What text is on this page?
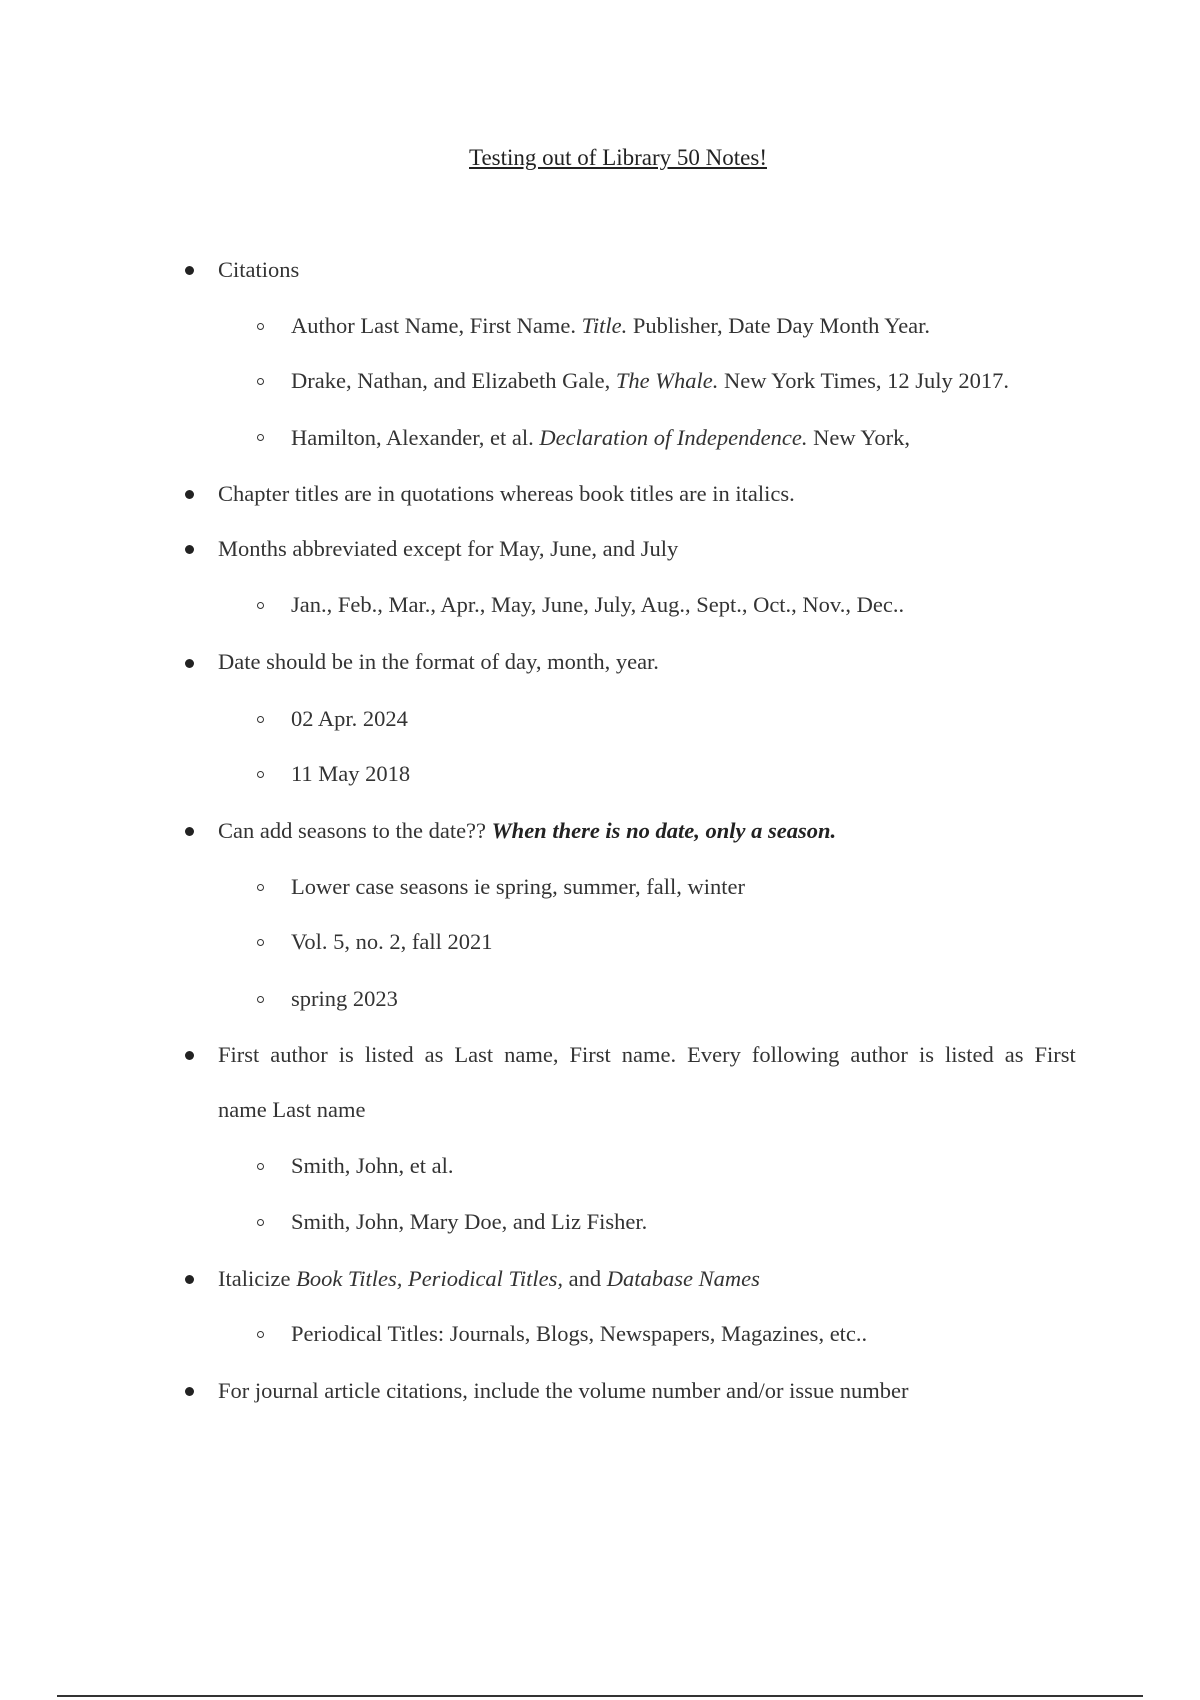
Testing out of Library 50 Notes!
Citations
Author Last Name, First Name. Title. Publisher, Date Day Month Year.
Drake, Nathan, and Elizabeth Gale, The Whale. New York Times, 12 July 2017.
Hamilton, Alexander, et al. Declaration of Independence. New York,
Chapter titles are in quotations whereas book titles are in italics.
Months abbreviated except for May, June, and July
Jan., Feb., Mar., Apr., May, June, July, Aug., Sept., Oct., Nov., Dec..
Date should be in the format of day, month, year.
02 Apr. 2024
11 May 2018
Can add seasons to the date?? When there is no date, only a season.
Lower case seasons ie spring, summer, fall, winter
Vol. 5, no. 2, fall 2021
spring 2023
First author is listed as Last name, First name. Every following author is listed as First
name Last name
Smith, John, et al.
Smith, John, Mary Doe, and Liz Fisher.
Italicize Book Titles, Periodical Titles, and Database Names
Periodical Titles: Journals, Blogs, Newspapers, Magazines, etc..
For journal article citations, include the volume number and/or issue number
